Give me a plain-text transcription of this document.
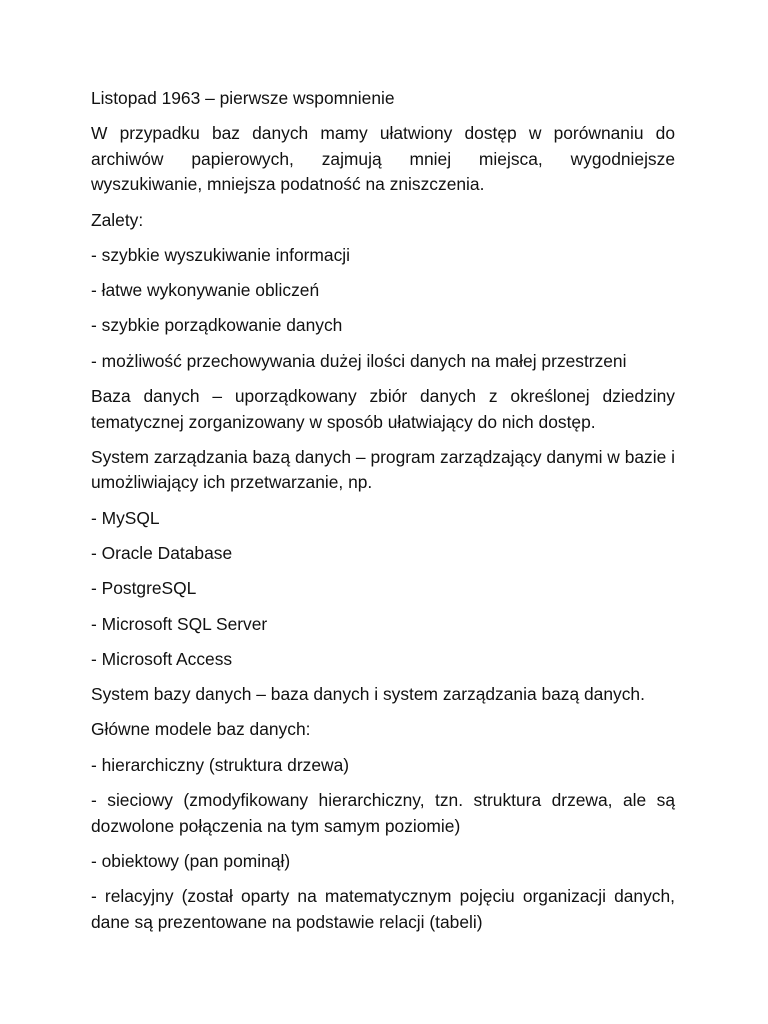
Listopad 1963 – pierwsze wspomnienie

W przypadku baz danych mamy ułatwiony dostęp w porównaniu do archiwów papierowych, zajmują mniej miejsca, wygodniejsze wyszukiwanie, mniejsza podatność na zniszczenia.

Zalety:

- szybkie wyszukiwanie informacji

- łatwe wykonywanie obliczeń

- szybkie porządkowanie danych

- możliwość przechowywania dużej ilości danych na małej przestrzeni

Baza danych – uporządkowany zbiór danych z określonej dziedziny tematycznej zorganizowany w sposób ułatwiający do nich dostęp.

System zarządzania bazą danych – program zarządzający danymi w bazie i umożliwiający ich przetwarzanie, np.

- MySQL

- Oracle Database

- PostgreSQL

- Microsoft SQL Server

- Microsoft Access

System bazy danych – baza danych i system zarządzania bazą danych.

Główne modele baz danych:

- hierarchiczny (struktura drzewa)

- sieciowy (zmodyfikowany hierarchiczny, tzn. struktura drzewa, ale są dozwolone połączenia na tym samym poziomie)

- obiektowy (pan pominął)

- relacyjny (został oparty na matematycznym pojęciu organizacji danych, dane są prezentowane na podstawie relacji (tabeli)
